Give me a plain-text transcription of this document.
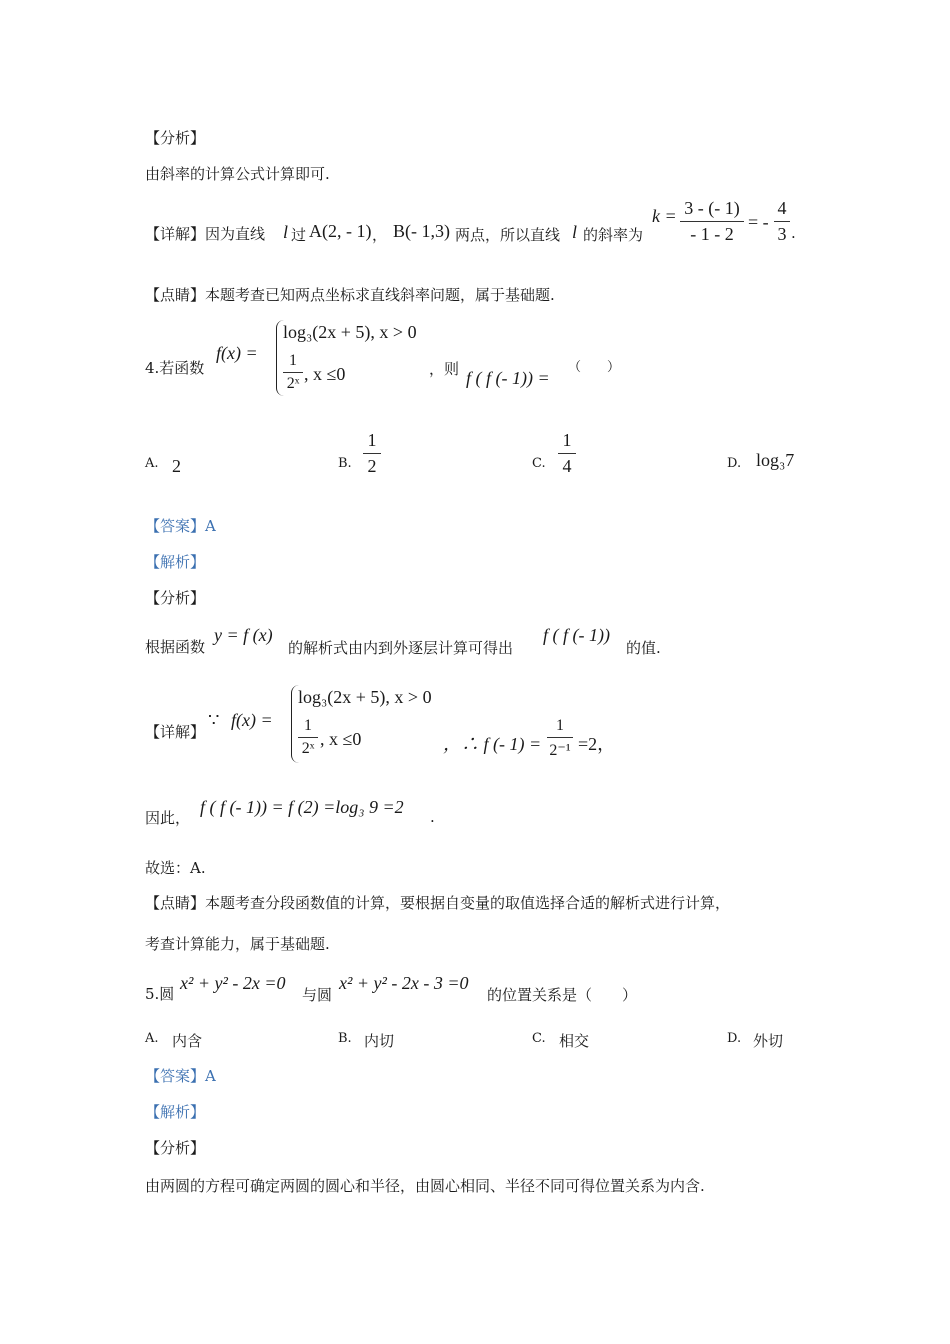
【分析】
由斜率的计算公式计算即可.
【详解】因为直线 l 过 A(2, - 1) ， B(- 1,3) 两点，所以直线 l 的斜率为
k = 3 - (- 1)
- 1 - 2
= -
4
3 .
【点睛】本题考查已知两点坐标求直线斜率问题，属于基础题.
4.若函数
f(x) =
log₃(2x + 5), x > 0
1
2ˣ , x ≤0	，则 f ( f (- 1)) =
（　　）
A. 2	B.
1
2	C.
1
4	D. log₃7
【答案】A
【解析】
【分析】
根据函数
y = f (x)
的解析式由内到外逐层计算可得出
f ( f (- 1))
的值.
【详解】
∵ f(x) =
log₃(2x + 5), x > 0
1
2ˣ , x ≤0	，∴ f (- 1) =
1
2⁻¹ =2，
因此，
f ( f (- 1)) = f (2) =log₃ 9 =2 .
故选：A.
【点睛】本题考查分段函数值的计算，要根据自变量的取值选择合适的解析式进行计算，
考查计算能力，属于基础题.
5.圆
x² + y² - 2x =0
与圆
x² + y² - 2x - 3 =0
的位置关系是（　　）
A. 内含	B. 内切	C. 相交	D. 外切
【答案】A
【解析】
【分析】
由两圆的方程可确定两圆的圆心和半径，由圆心相同、半径不同可得位置关系为内含.
